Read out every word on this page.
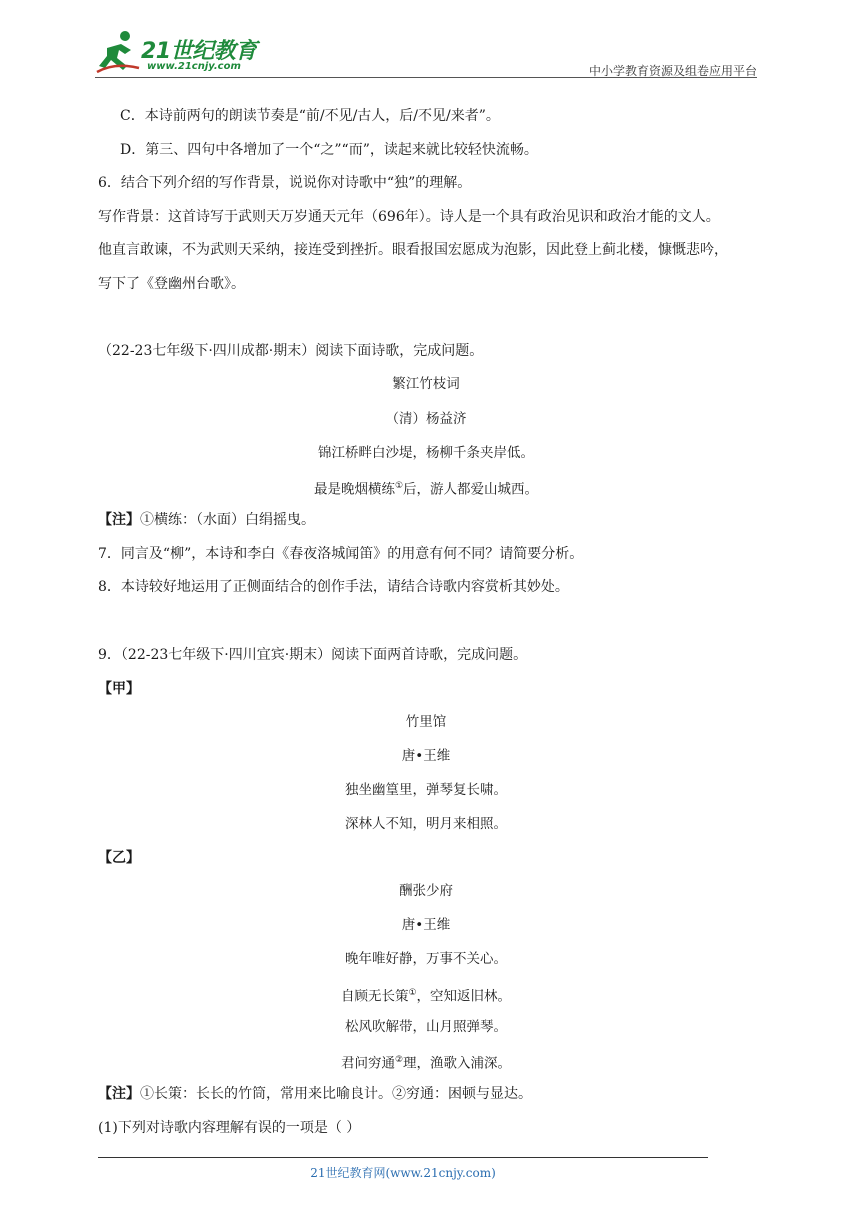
21世纪教育
www.21cnjy.com	中小学教育资源及组卷应用平台
C．本诗前两句的朗读节奏是“前/不见/古人，后/不见/来者”。
D．第三、四句中各增加了一个“之”“而”，读起来就比较轻快流畅。
6．结合下列介绍的写作背景，说说你对诗歌中“独”的理解。
写作背景：这首诗写于武则天万岁通天元年（696年）。诗人是一个具有政治见识和政治才能的文人。
他直言敢谏，不为武则天采纳，接连受到挫折。眼看报国宏愿成为泡影，因此登上蓟北楼，慷慨悲吟，
写下了《登幽州台歌》。
（22-23七年级下·四川成都·期末）阅读下面诗歌，完成问题。
繁江竹枝词
（清）杨益济
锦江桥畔白沙堤，杨柳千条夹岸低。
最是晚烟横练①后，游人都爱山城西。
【注】①横练：（水面）白绢摇曳。
7．同言及“柳”，本诗和李白《春夜洛城闻笛》的用意有何不同？请简要分析。
8．本诗较好地运用了正侧面结合的创作手法，请结合诗歌内容赏析其妙处。
9．（22-23七年级下·四川宜宾·期末）阅读下面两首诗歌，完成问题。
【甲】
竹里馆
唐•王维
独坐幽篁里，弹琴复长啸。
深林人不知，明月来相照。
【乙】
酬张少府
唐•王维
晚年唯好静，万事不关心。
自顾无长策①，空知返旧林。
松风吹解带，山月照弹琴。
君问穷通②理，渔歌入浦深。
【注】①长策：长长的竹筒，常用来比喻良计。②穷通：困顿与显达。
(1)下列对诗歌内容理解有误的一项是（ ）
21世纪教育网(www.21cnjy.com)
